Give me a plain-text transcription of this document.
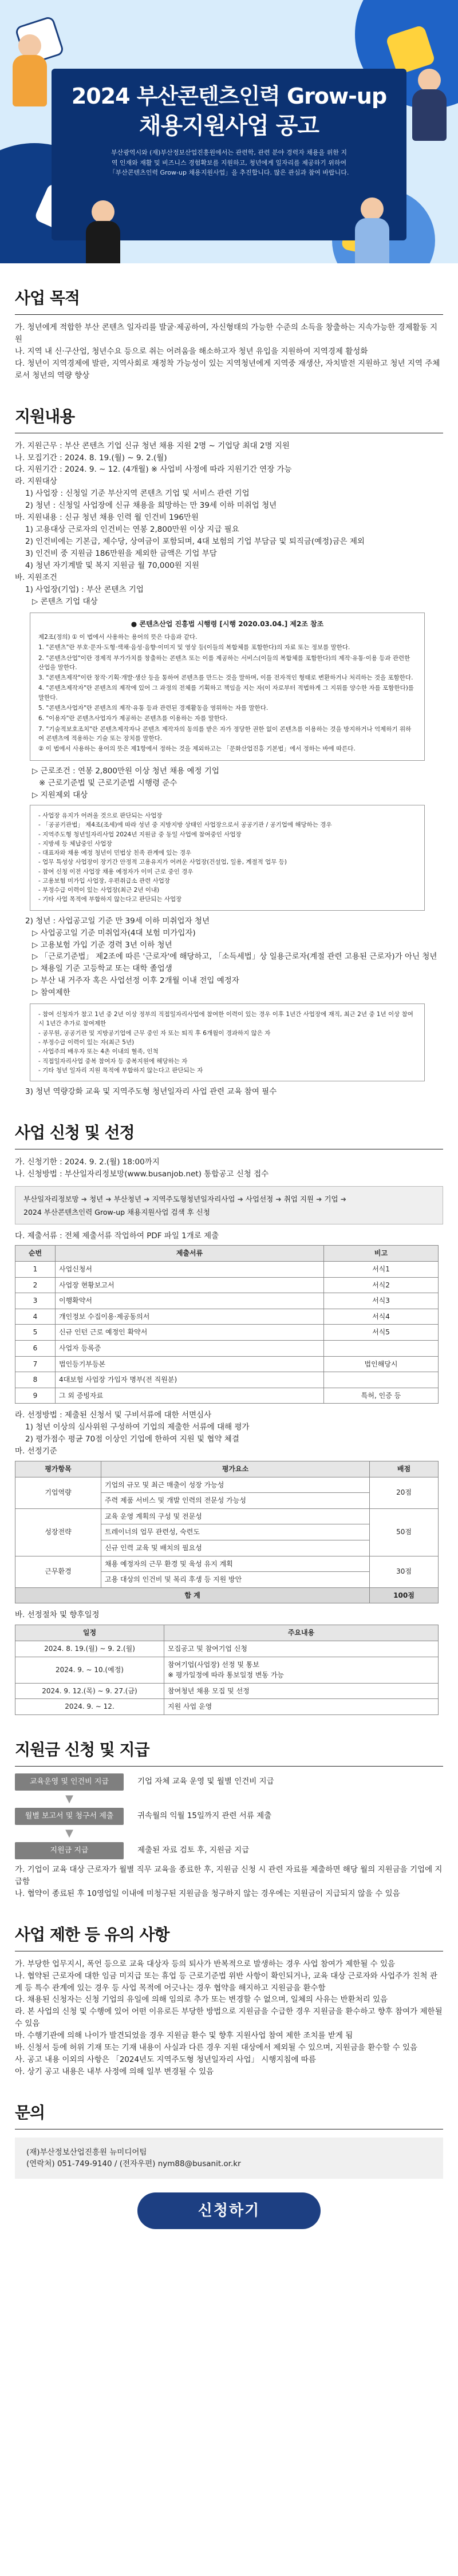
2024 부산콘텐츠인력 Grow-up
채용지원사업 공고
부산광역시와 (재)부산정보산업진흥원에서는 관련학, 관련 분야 경력자 채용을 위한 지역 인재와 재활 및 비즈니스 경험확보를 지원하고, 청년에게 일자리를 제공하기 위하여 「부산콘텐츠인력 Grow-up 채용지원사업」을 추진합니다. 많은 관심과 참여 바랍니다.
사업 목적

가. 청년에게 적합한 부산 콘텐츠 일자리를 발굴·제공하여, 자신형태의 가능한 수준의 소득을 창출하는 지속가능한 경제활동 지원

나. 지역 내 신·구산업, 청년수요 등으로 취는 어려움을 해소하고자 청년 유입을 지원하여 지역경제 활성화

다. 청년이 지역경제에 발판, 지역사회로 재정착 가능성이 있는 지역청년에게 지역중 재생산, 자치발전 지원하고 청년 지역 주체로서 청년의 역량 향상

지원내용

가. 지원근무 : 부산 콘텐츠 기업 신규 청년 채용 지원 2명 ∼ 기업당 최대 2명 지원

나. 모집기간 : 2024. 8. 19.(월) ∼ 9. 2.(월)

다. 지원기간 : 2024. 9. ∼ 12. (4개월) ※ 사업비 사정에 따라 지원기간 연장 가능

라. 지원대상

1) 사업장 : 신청일 기준 부산지역 콘텐츠 기업 및 서비스 관련 기업

2) 청년 : 신청일 사업장에 신규 채용을 희망하는 만 39세 이하 미취업 청년

마. 지원내용 : 신규 청년 채용 인력 월 인건비 196만원

1) 고용대상 근로자의 인건비는 연봉 2,800만원 이상 지급 필요

2) 인건비에는 기본급, 제수당, 상여금이 포함되며, 4대 보험의 기업 부담금 및 퇴직금(예정)금은 제외

3) 인건비 중 지원금 186만원을 제외한 금액은 기업 부담

4) 청년 자기계발 및 복지 지원금 월 70,000원 지원

바. 지원조건

1) 사업장(기업) : 부산 콘텐츠 기업

▷ 콘텐츠 기업 대상

● 콘텐츠산업 진흥법 시행령 [시행 2020.03.04.] 제2조 참조
제2조(정의) ① 이 법에서 사용하는 용어의 뜻은 다음과 같다.
1. "콘텐츠"란 부호·문자·도형·색채·음성·음향·이미지 및 영상 등(이들의 복합체를 포함한다)의 자료 또는 정보를 말한다.
2. "콘텐츠산업"이란 경제적 부가가치를 창출하는 콘텐츠 또는 이를 제공하는 서비스(이들의 복합체를 포함한다)의 제작·유통·이용 등과 관련한 산업을 말한다.
3. "콘텐츠제작"이란 창작·기획·개발·생산 등을 통하여 콘텐츠를 만드는 것을 말하며, 이를 전자적인 형태로 변환하거나 처리하는 것을 포함한다.
4. "콘텐츠제작자"란 콘텐츠의 제작에 있어 그 과정의 전체를 기획하고 책임을 지는 자(이 자로부터 적법하게 그 지위를 양수한 자를 포함한다)를 말한다.
5. "콘텐츠사업자"란 콘텐츠의 제작·유통 등과 관련된 경제활동을 영위하는 자를 말한다.
6. "이용자"란 콘텐츠사업자가 제공하는 콘텐츠를 이용하는 자를 말한다.
7. "기술적보호조치"란 콘텐츠제작자나 콘텐츠 제작자의 동의를 받은 자가 정당한 권한 없이 콘텐츠를 이용하는 것을 방지하거나 억제하기 위하여 콘텐츠에 적용하는 기술 또는 장치를 말한다.
② 이 법에서 사용하는 용어의 뜻은 제1항에서 정하는 것을 제외하고는 「문화산업진흥 기본법」에서 정하는 바에 따른다.

▷ 근로조건 : 연봉 2,800만원 이상 청년 채용 예정 기업

※ 근로기준법 및 근로기준법 시행령 준수

▷ 지원제외 대상

- 사업장 유지가 어려울 것으로 판단되는 사업장
- 「공공기관법」 제4조(조세)에 따라 성년 중 지방지방 상태인 사업장으로서 공공기관 / 공기업에 해당하는 경우
- 지역주도형 청년일자리사업 2024년 지원금 중 동일 사업에 참여중인 사업장
- 지방세 등 체납중인 사업장
- 대표자와 채용 예정 청년이 민법상 친족 관계에 있는 경우
- 업무 특성상 사업장이 장기간 안정적 고용유지가 어려운 사업장(건설업, 일용, 계절적 업무 등)
- 참여 신청 이전 사업장 채용 예정자가 이미 근로 중인 경우
- 고용보험 미가입 사업장, 우편취급소 관련 사업장
- 부정수급 이력이 있는 사업장(최근 2년 이내)
- 기타 사업 목적에 부합하지 않는다고 판단되는 사업장

2) 청년 : 사업공고일 기준 만 39세 이하 미취업자 청년

▷ 사업공고일 기준 미취업자(4대 보험 미가입자)

▷ 고용보험 가입 기준 경력 3년 이하 청년

▷ 「근로기준법」 제2조에 따른 '근로자'에 해당하고, 「소득세법」상 일용근로자(계절 관련 고용된 근로자)가 아닌 청년

▷ 채용일 기준 고등학교 또는 대학 졸업생

▷ 부산 내 거주자 혹은 사업선정 이후 2개월 이내 전입 예정자

▷ 참여제한

- 참여 신청자가 참고 1년 중 2년 이상 정부의 직접일자리사업에 참여한 이력이 있는 경우 이후 1년간 사업장에 재직, 최근 2년 중 1년 이상 참여 시 1년간 추가로 참여제한
- 공무원, 공공기관 및 지방공기업에 근무 중인 자 또는 퇴직 후 6개월이 경과하지 않은 자
- 부정수급 이력이 있는 자(최근 5년)
- 사업주의 배우자 또는 4촌 이내의 혈족, 인척
- 직접일자리사업 중복 참여자 등 중복지원에 해당하는 자
- 기타 청년 일자리 지원 목적에 부합하지 않는다고 판단되는 자

3) 청년 역량강화 교육 및 지역주도형 청년일자리 사업 관련 교육 참여 필수

사업 신청 및 선정

가. 신청기한 : 2024. 9. 2.(월) 18:00까지

나. 신청방법 : 부산일자리정보망(www.busanjob.net) 통합공고 신청 접수

부산일자리정보망 ➜ 청년 ➜ 부산청년 ➜ 지역주도형청년일자리사업 ➜ 사업선정 ➜ 취업 지원 ➜ 기업 ➜
2024 부산콘텐츠인력 Grow-up 채용지원사업 검색 후 신청

다. 제출서류 : 전체 제출서류 작업하여 PDF 파일 1개로 제출

순번	제출서류	비고
1	사업신청서	서식1
2	사업장 현황보고서	서식2
3	이행확약서	서식3
4	개인정보 수집이용·제공동의서	서식4
5	신규 인턴 근로 예정인 확약서	서식5
6	사업자 등록증	
7	법인등기부등본	법인해당시
8	4대보험 사업장 가입자 명부(전 직원분)	
9	그 외 증빙자료	특허, 인증 등

라. 선정방법 : 제출된 신청서 및 구비서류에 대한 서면심사

1) 청년 이상의 심사위원 구성하여 기업의 제출한 서류에 대해 평가

2) 평가점수 평균 70점 이상인 기업에 한하여 지원 및 협약 체결

마. 선정기준

평가항목	평가요소	배점
기업역량	기업의 규모 및 최근 매출이 성장 가능성	20점
	주력 제품 서비스 및 개발 인력의 전문성 가능성	
성장전략	교육 운영 계획의 구성 및 전문성	50점
	트레이너의 업무 관련성, 숙련도	
	신규 인력 교육 및 배치의 필요성	
근무환경	채용 예정자의 근무 환경 및 육성 유지 계획	30점
	고용 대상의 인건비 및 복리 후생 등 지원 방안	
합 계		100점

바. 선정절차 및 향후일정

일정	주요내용
2024. 8. 19.(월) ∼ 9. 2.(월)	모집공고 및 참여기업 신청
2024. 9. ∼ 10.(예정)	참여기업(사업장) 선정 및 통보
※ 평가일정에 따라 통보일정 변동 가능
2024. 9. 12.(목) ∼ 9. 27.(금)	참여청년 채용 모집 및 선정
2024. 9. ∼ 12.	지원 사업 운영
지원금 신청 및 지급
교육운영 및 인건비 지급	기업 자체 교육 운영 및 월별 인건비 지급
▼
월별 보고서 및 청구서 제출	귀속월의 익월 15일까지 관련 서류 제출
▼
지원금 지급	제출된 자료 검토 후, 지원금 지급

가. 기업이 교육 대상 근로자가 월별 직무 교육을 종료한 후, 지원금 신청 시 관련 자료를 제출하면 해당 월의 지원금을 기업에 지급함

나. 협약이 종료된 후 10영업일 이내에 미청구된 지원금을 청구하지 않는 경우에는 지원금이 지급되지 않을 수 있음

사업 제한 등 유의 사항

가. 부당한 업무지시, 폭언 등으로 교육 대상자 등의 퇴사가 반복적으로 발생하는 경우 사업 참여가 제한될 수 있음

나. 협약된 근로자에 대한 임금 미지급 또는 휴업 등 근로기준법 위반 사항이 확인되거나, 교육 대상 근로자와 사업주가 친척 관계 등 특수 관계에 있는 경우 등 사업 목적에 어긋나는 경우 협약을 해지하고 지원금을 환수함

다. 채용된 신청자는 신청 기업의 유일에 의해 임의로 추가 또는 변경할 수 없으며, 일체의 사유는 반환처리 있음

라. 본 사업의 신청 및 수행에 있어 어떤 이유로든 부당한 방법으로 지원금을 수급한 경우 지원금을 환수하고 향후 참여가 제한될 수 있음

마. 수행기관에 의해 나이가 발견되었을 경우 지원금 환수 및 향후 지원사업 참여 제한 조치를 받게 됨

바. 신청서 등에 허위 기재 또는 기재 내용이 사실과 다른 경우 지원 대상에서 제외될 수 있으며, 지원금을 환수할 수 있음

사. 공고 내용 이외의 사항은 「2024년도 지역주도형 청년일자리 사업」 시행지침에 따름

아. 상기 공고 내용은 내부 사정에 의해 일부 변경될 수 있음

문의

(재)부산정보산업진흥원 뉴미디어팀

(연락처) 051-749-9140 / (전자우편) nym88@busanit.or.kr

신청하기
